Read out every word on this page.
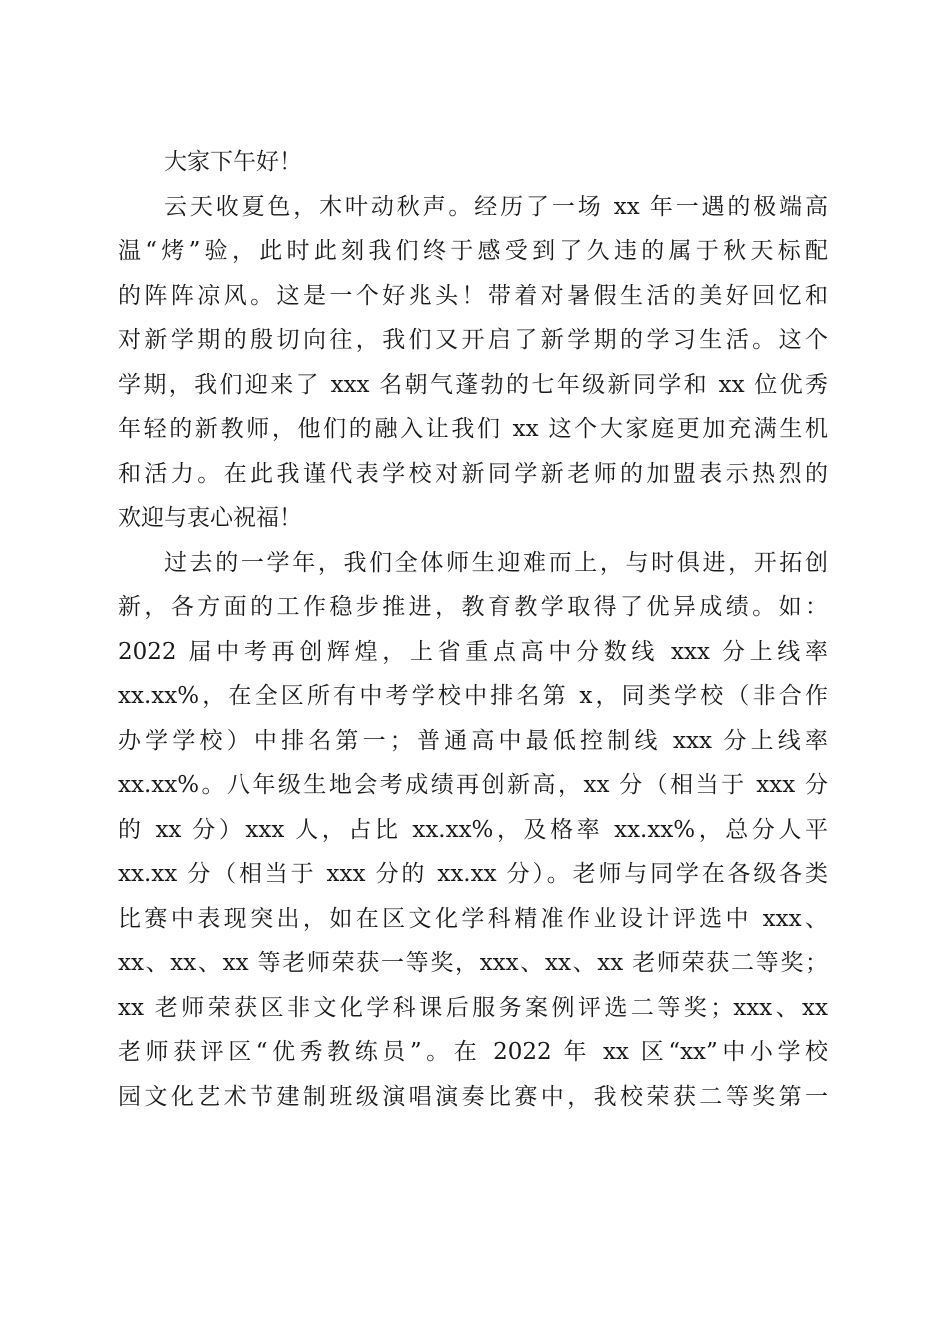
大家下午好！
云天收夏色，木叶动秋声。经历了一场 xx 年一遇的极端高
温“烤”验，此时此刻我们终于感受到了久违的属于秋天标配
的阵阵凉风。这是一个好兆头！带着对暑假生活的美好回忆和
对新学期的殷切向往，我们又开启了新学期的学习生活。这个
学期，我们迎来了 xxx 名朝气蓬勃的七年级新同学和 xx 位优秀
年轻的新教师，他们的融入让我们 xx 这个大家庭更加充满生机
和活力。在此我谨代表学校对新同学新老师的加盟表示热烈的
欢迎与衷心祝福！
过去的一学年，我们全体师生迎难而上，与时俱进，开拓创
新，各方面的工作稳步推进，教育教学取得了优异成绩。如：
2022 届中考再创辉煌，上省重点高中分数线 xxx 分上线率
xx.xx%，在全区所有中考学校中排名第 x，同类学校（非合作
办学学校）中排名第一；普通高中最低控制线 xxx 分上线率
xx.xx%。八年级生地会考成绩再创新高，xx 分（相当于 xxx 分
的 xx 分）xxx 人，占比 xx.xx%，及格率 xx.xx%，总分人平
xx.xx 分（相当于 xxx 分的 xx.xx 分）。老师与同学在各级各类
比赛中表现突出，如在区文化学科精准作业设计评选中 xxx、
xx、xx、xx 等老师荣获一等奖，xxx、xx、xx 老师荣获二等奖；
xx 老师荣获区非文化学科课后服务案例评选二等奖；xxx、xx
老师获评区“优秀教练员”。在 2022 年 xx 区“xx”中小学校
园文化艺术节建制班级演唱演奏比赛中，我校荣获二等奖第一
